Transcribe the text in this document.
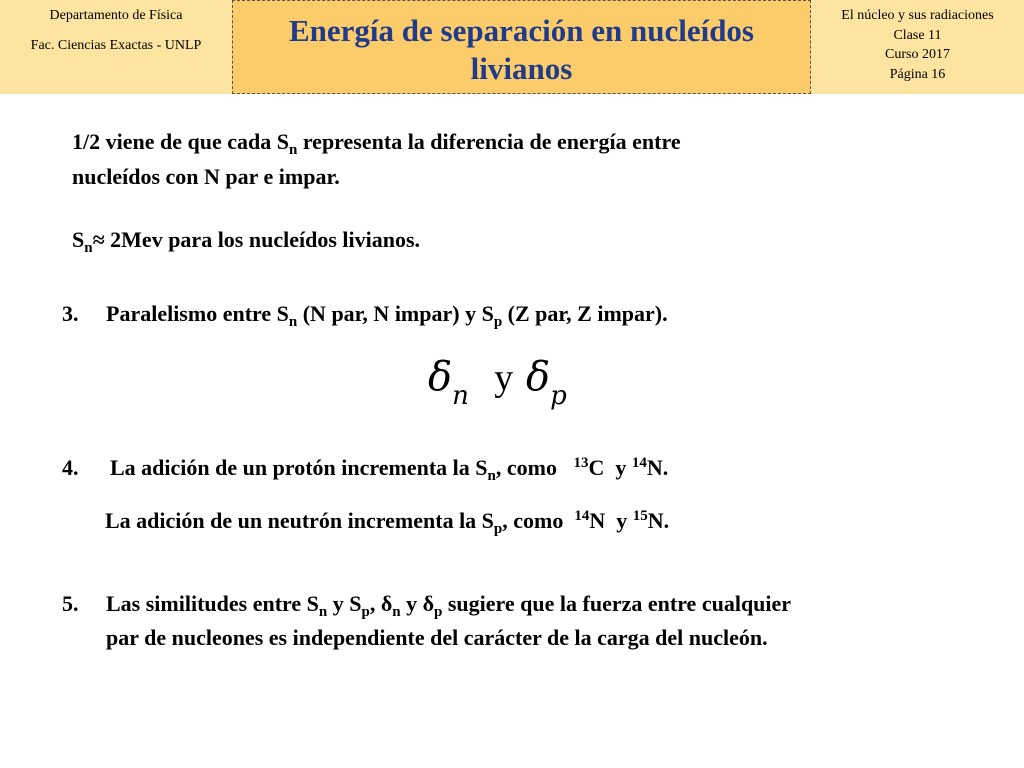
Departamento de Física
Fac. Ciencias Exactas - UNLP	Energía de separación en nucleídos
livianos
El núcleo y sus radiaciones
Clase 11
Curso 2017
Página 16
1/2 viene de que cada $S_n$ representa la diferencia de energía entre
nucleídos con N par e impar.
$S_n\approx 2Mev$ para los nucleídos livianos.
3. Paralelismo entre $S_n$ (N par, N impar) y $S_p$ (Z par, Z impar).
$\delta_n$ y $\delta_p$
4. La adición de un protón incrementa la $S_n$, como   $^{13}$C  y $^{14}$N.
La adición de un neutrón incrementa la $S_p$, como  $^{14}$N  y $^{15}$N.
5. Las similitudes entre $S_n$ y $S_p$, $\delta_n$ y $\delta_p$ sugiere que la fuerza entre cualquier
par de nucleones es independiente del carácter de la carga del nucleón.
